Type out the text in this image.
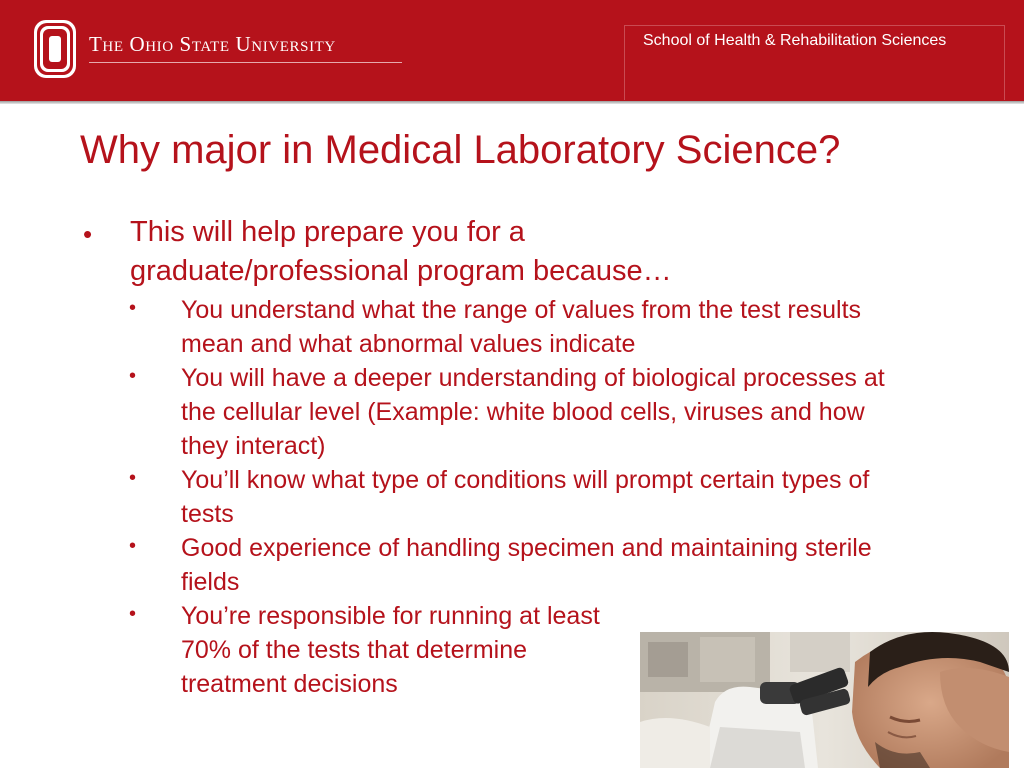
The Ohio State University	School of Health & Rehabilitation Sciences
Why major in Medical Laboratory Science?
• This will help prepare you for a graduate/professional program because…
• You understand what the range of values from the test results mean and what abnormal values indicate
• You will have a deeper understanding of biological processes at the cellular level (Example: white blood cells, viruses and how they interact)
• You’ll know what type of conditions will prompt certain types of tests
• Good experience of handling specimen and maintaining sterile fields
• You’re responsible for running at least 70% of the tests that determine treatment decisions
